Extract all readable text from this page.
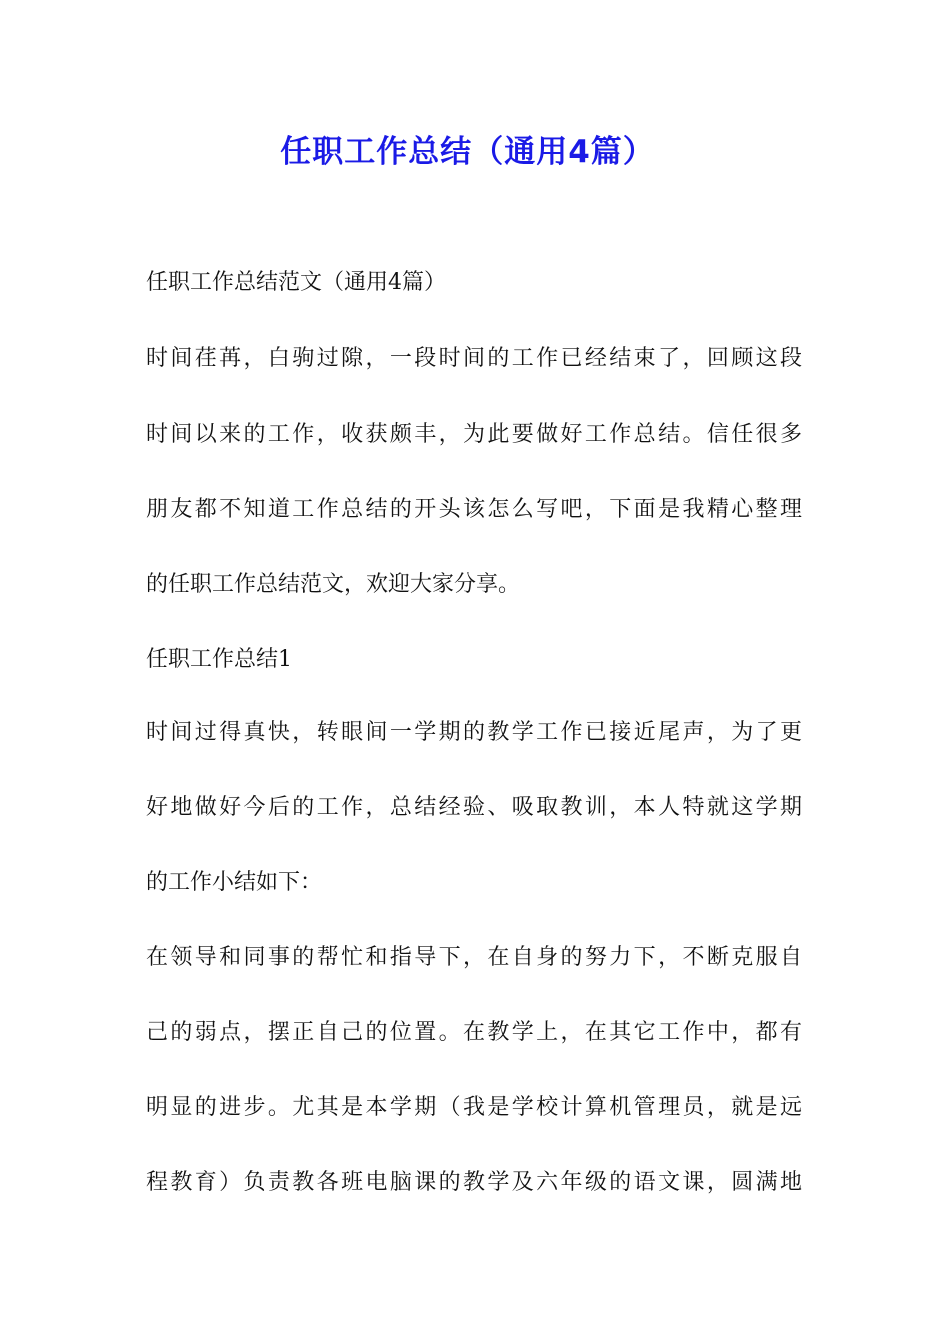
任职工作总结（通用4篇）

任职工作总结范文（通用4篇）

时间荏苒，白驹过隙，一段时间的工作已经结束了，回顾这段

时间以来的工作，收获颇丰，为此要做好工作总结。信任很多

朋友都不知道工作总结的开头该怎么写吧，下面是我精心整理

的任职工作总结范文，欢迎大家分享。

任职工作总结1

时间过得真快，转眼间一学期的教学工作已接近尾声，为了更

好地做好今后的工作，总结经验、吸取教训，本人特就这学期

的工作小结如下：

在领导和同事的帮忙和指导下，在自身的努力下，不断克服自

己的弱点，摆正自己的位置。在教学上，在其它工作中，都有

明显的进步。尤其是本学期（我是学校计算机管理员，就是远

程教育）负责教各班电脑课的教学及六年级的语文课，圆满地
